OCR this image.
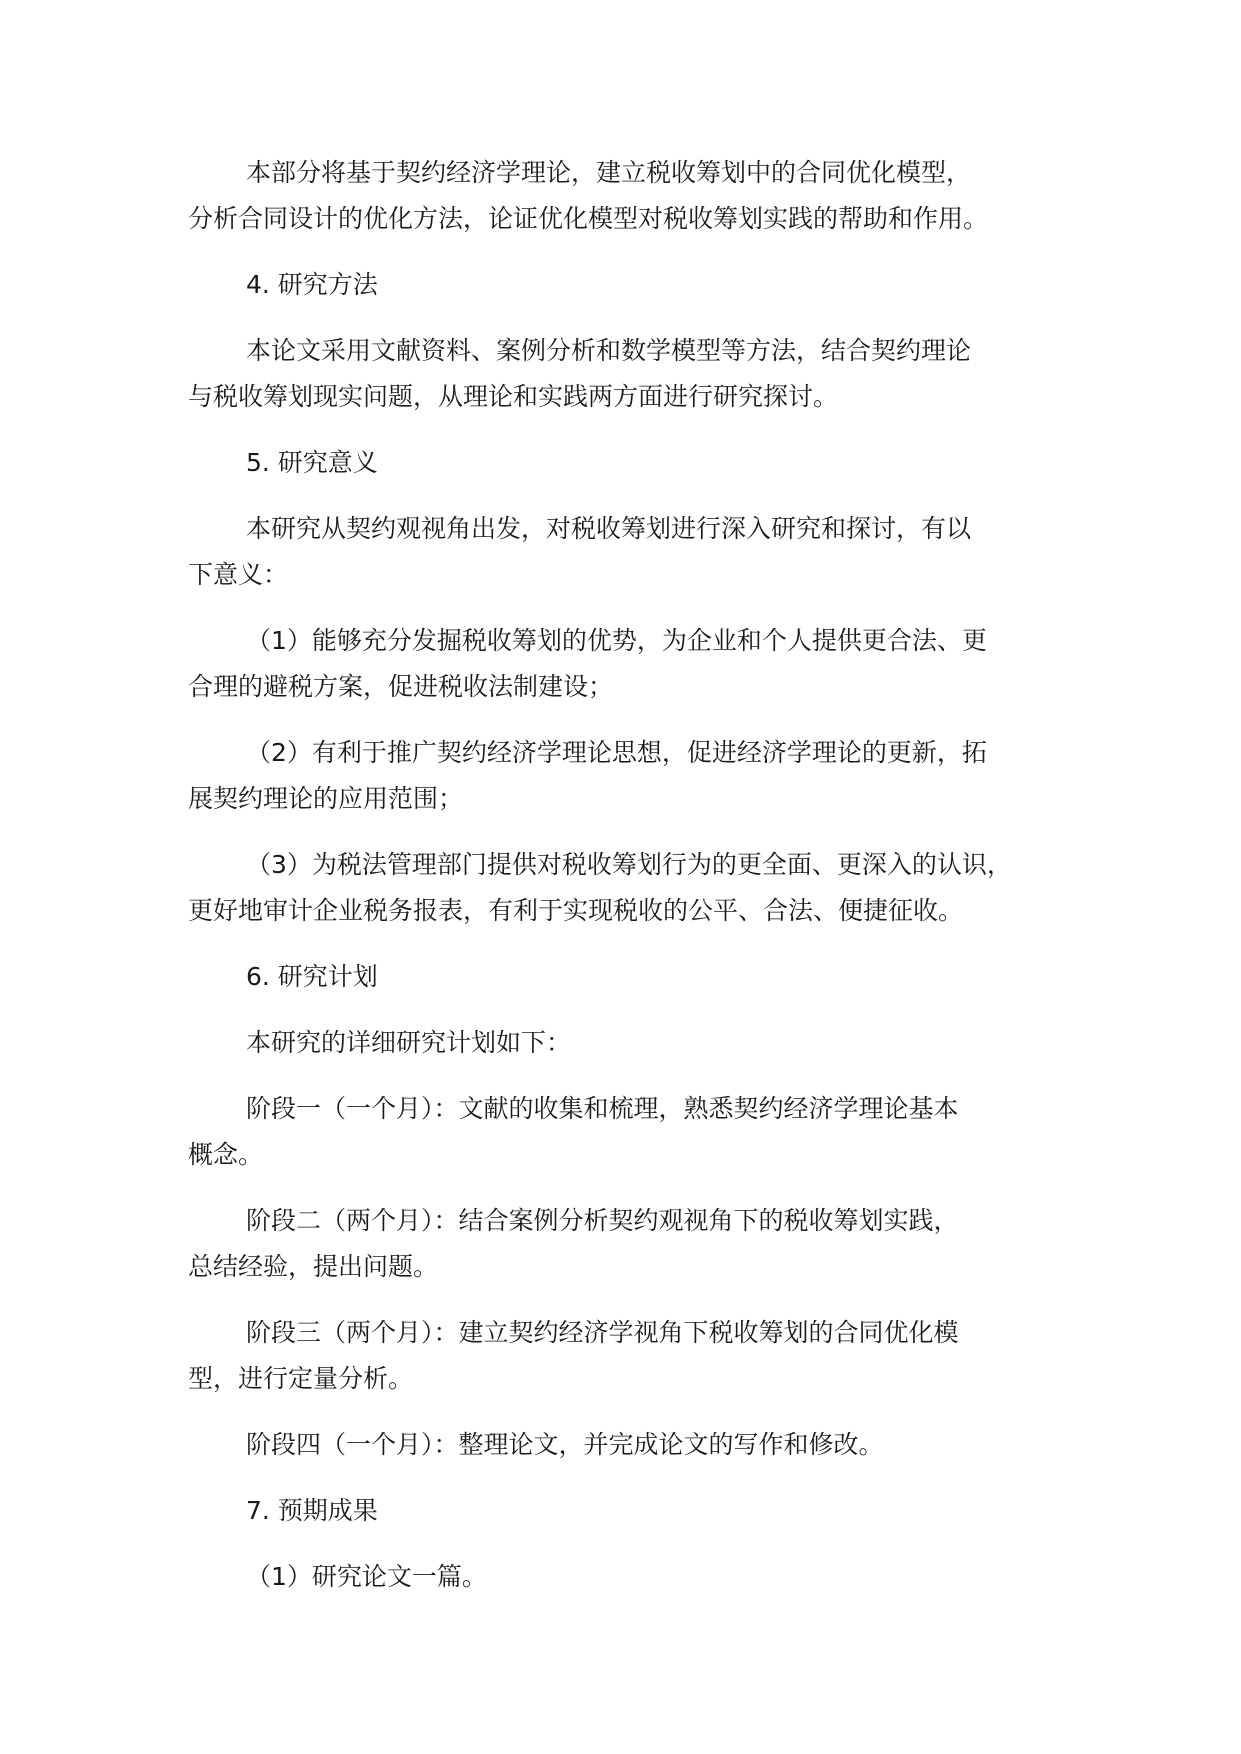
本部分将基于契约经济学理论，建立税收筹划中的合同优化模型，
分析合同设计的优化方法，论证优化模型对税收筹划实践的帮助和作用。

4. 研究方法

本论文采用文献资料、案例分析和数学模型等方法，结合契约理论
与税收筹划现实问题，从理论和实践两方面进行研究探讨。

5. 研究意义

本研究从契约观视角出发，对税收筹划进行深入研究和探讨，有以
下意义：

（1）能够充分发掘税收筹划的优势，为企业和个人提供更合法、更
合理的避税方案，促进税收法制建设；
（2）有利于推广契约经济学理论思想，促进经济学理论的更新，拓
展契约理论的应用范围；
（3）为税法管理部门提供对税收筹划行为的更全面、更深入的认识，
更好地审计企业税务报表，有利于实现税收的公平、合法、便捷征收。
6. 研究计划

本研究的详细研究计划如下：

阶段一（一个月）：文献的收集和梳理，熟悉契约经济学理论基本
概念。

阶段二（两个月）：结合案例分析契约观视角下的税收筹划实践，
总结经验，提出问题。

阶段三（两个月）：建立契约经济学视角下税收筹划的合同优化模
型，进行定量分析。

阶段四（一个月）：整理论文，并完成论文的写作和修改。

7. 预期成果
（1）研究论文一篇。
